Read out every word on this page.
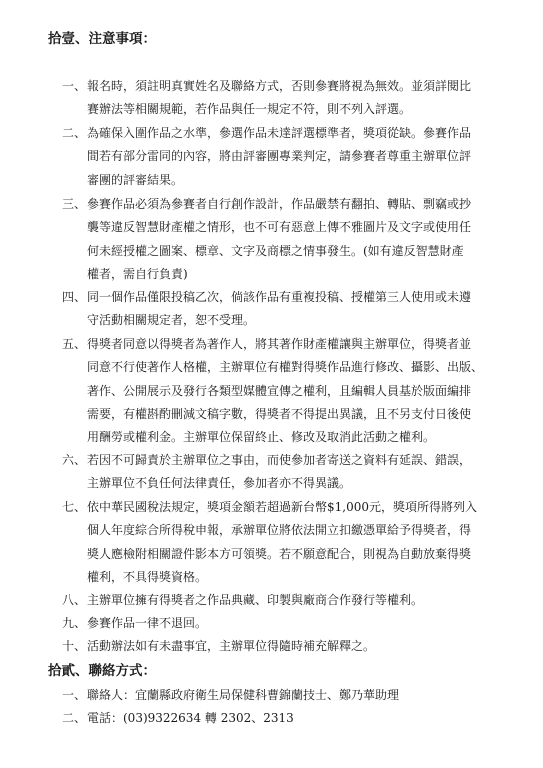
拾壹、注意事項：
一、 報名時，須註明真實姓名及聯絡方式，否則參賽將視為無效。並須詳閱比
賽辦法等相關規範，若作品與任一規定不符，則不列入評選。
二、 為確保入圍作品之水準，參選作品未達評選標準者，獎項從缺。參賽作品
間若有部分雷同的內容，將由評審團專業判定，請參賽者尊重主辦單位評
審團的評審結果。
三、 參賽作品必須為參賽者自行創作設計，作品嚴禁有翻拍、轉貼、剽竊或抄
襲等違反智慧財產權之情形，也不可有惡意上傳不雅圖片及文字或使用任
何未經授權之圖案、標章、文字及商標之情事發生。(如有違反智慧財產
權者，需自行負責)
四、 同一個作品僅限投稿乙次，倘該作品有重複投稿、授權第三人使用或未遵
守活動相關規定者，恕不受理。
五、 得獎者同意以得獎者為著作人，將其著作財產權讓與主辦單位，得獎者並
同意不行使著作人格權，主辦單位有權對得獎作品進行修改、攝影、出版、
著作、公開展示及發行各類型媒體宣傳之權利，且編輯人員基於版面編排
需要，有權斟酌刪減文稿字數，得獎者不得提出異議，且不另支付日後使
用酬勞或權利金。主辦單位保留終止、修改及取消此活動之權利。
六、 若因不可歸責於主辦單位之事由，而使參加者寄送之資料有延誤、錯誤，
主辦單位不負任何法律責任，參加者亦不得異議。
七、 依中華民國稅法規定，獎項金額若超過新台幣$1,000元，獎項所得將列入
個人年度綜合所得稅申報，承辦單位將依法開立扣繳憑單給予得獎者，得
獎人應檢附相關證件影本方可領獎。若不願意配合，則視為自動放棄得獎
權利，不具得獎資格。
八、 主辦單位擁有得獎者之作品典藏、印製與廠商合作發行等權利。
九、 參賽作品一律不退回。
十、 活動辦法如有未盡事宜，主辦單位得隨時補充解釋之。
拾貳、聯絡方式：
一、 聯絡人：宜蘭縣政府衛生局保健科曹錦蘭技士、鄭乃華助理
二、 電話：(03)9322634 轉 2302、2313
